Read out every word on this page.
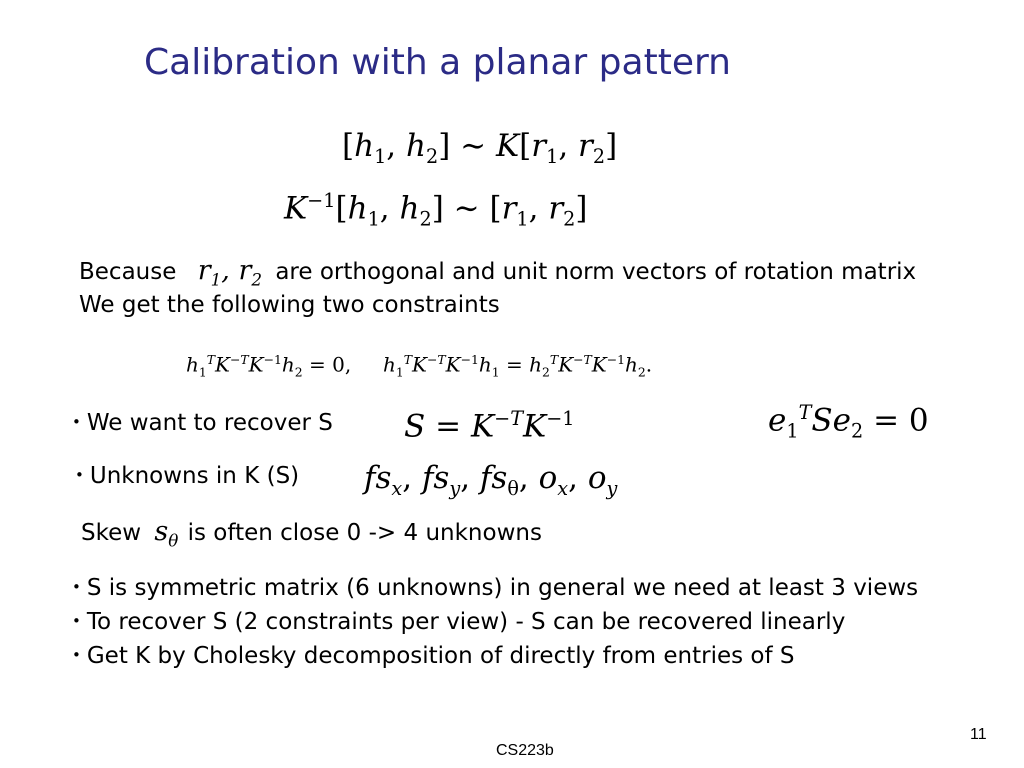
Calibration with a planar pattern
[$h_1$, $h_2$] ∼ $K[r_1$, $r_2$]
$K^{-1}[h_1$, $h_2$] ∼ [$r_1$, $r_2$]
Because $r_1$, $r_2$ are orthogonal and unit norm vectors of rotation matrix
We get the following two constraints
$h_1^TK^{-T}K^{-1}h_2 = 0$,     $h_1^TK^{-T}K^{-1}h_1 = h_2^TK^{-T}K^{-1}h_2$.
• We want to recover S $S = K^{-T}K^{-1}$	$e_1^TSe_2 = 0$
• Unknowns in K (S) $fs_x$, $fs_y$, $fs_\theta$, $o_x$, $o_y$
Skew $s_\theta$ is often close 0 -> 4 unknowns
• S is symmetric matrix (6 unknowns) in general we need at least 3 views
• To recover S (2 constraints per view) - S can be recovered linearly
• Get K by Cholesky decomposition of directly from entries of S
11
CS223b
